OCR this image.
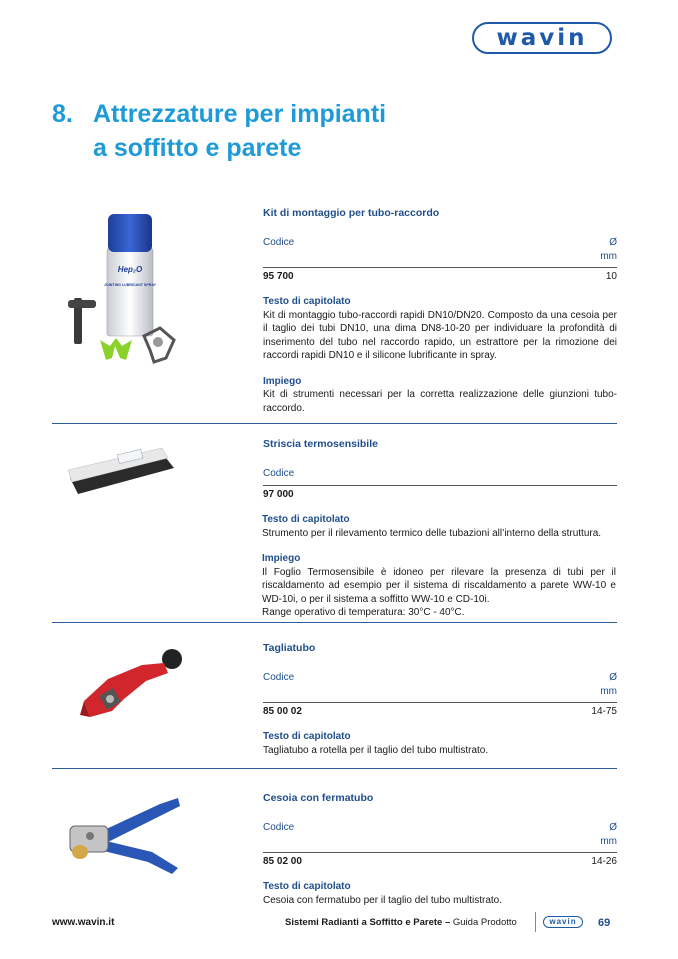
wavin
8. Attrezzature per impianti
a soffitto e parete
Hep₂O
JOINTING LUBRICANT SPRAY
Kit di montaggio per tubo-raccordo
Codice	Ø
mm
95 700	10
Testo di capitolato
Kit di montaggio tubo-raccordi rapidi DN10/DN20. Composto da una cesoia per il taglio dei tubi DN10, una dima DN8-10-20 per individuare la profondità di inserimento del tubo nel raccordo rapido, un estrattore per la rimozione dei raccordi rapidi DN10 e il silicone lubrificante in spray.
Impiego
Kit di strumenti necessari per la corretta realizzazione delle giunzioni tubo-raccordo.
Striscia termosensibile
Codice
97 000
Testo di capitolato
Strumento per il rilevamento termico delle tubazioni all’interno della struttura.
Impiego
Il Foglio Termosensibile è idoneo per rilevare la presenza di tubi per il riscaldamento ad esempio per il sistema di riscaldamento a parete WW-10 e WD-10i, o per il sistema a soffitto WW-10 e CD-10i.
Range operativo di temperatura: 30°C - 40°C.
Tagliatubo
Codice	Ø
mm
85 00 02	14-75
Testo di capitolato
Tagliatubo a rotella per il taglio del tubo multistrato.
Cesoia con fermatubo
Codice	Ø
mm
85 02 00	14-26
Testo di capitolato
Cesoia con fermatubo per il taglio del tubo multistrato.
www.wavin.it	Sistemi Radianti a Soffitto e Parete – Guida Prodotto	wavin	69
